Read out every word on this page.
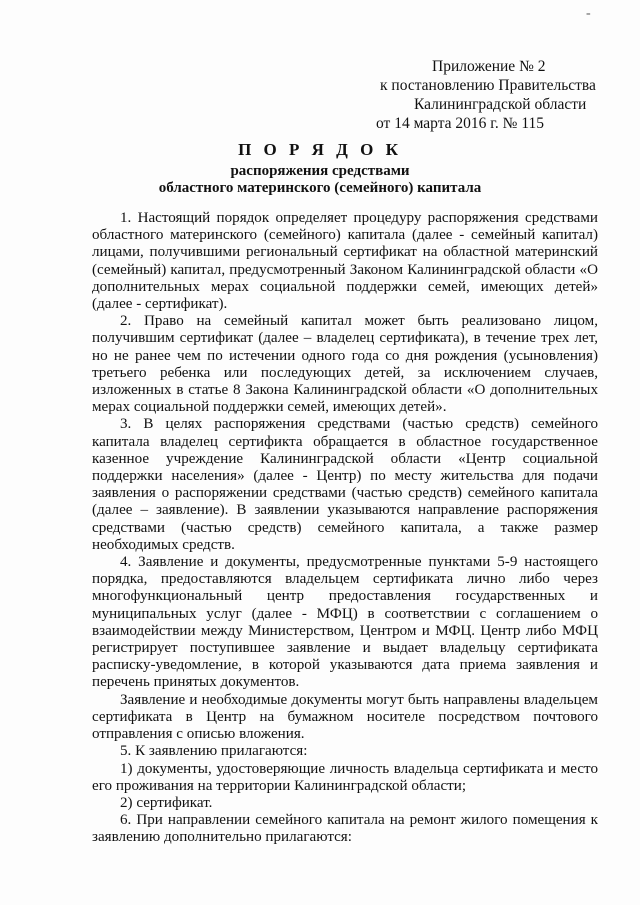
-
Приложение № 2
к постановлению Правительства
Калининградской области
от 14 марта 2016 г. № 115
П О Р Я Д О К
распоряжения средствами
областного материнского (семейного) капитала

1. Настоящий порядок определяет процедуру распоряжения средствами областного материнского (семейного) капитала (далее - семейный капитал) лицами, получившими региональный сертификат на областной материнский (семейный) капитал, предусмотренный Законом Калининградской области «О дополнительных мерах социальной поддержки семей, имеющих детей» (далее - сертификат).

2. Право на семейный капитал может быть реализовано лицом, получившим сертификат (далее – владелец сертификата), в течение трех лет, но не ранее чем по истечении одного года со дня рождения (усыновления) третьего ребенка или последующих детей, за исключением случаев, изложенных в статье 8 Закона Калининградской области «О дополнительных мерах социальной поддержки семей, имеющих детей».

3. В целях распоряжения средствами (частью средств) семейного капитала владелец сертификта обращается в областное государственное казенное учреждение Калининградской области «Центр социальной поддержки населения» (далее - Центр) по месту жительства для подачи заявления о распоряжении средствами (частью средств) семейного капитала (далее – заявление). В заявлении указываются направление распоряжения средствами (частью средств) семейного капитала, а также размер необходимых средств.

4. Заявление и документы, предусмотренные пунктами 5-9 настоящего порядка, предоставляются владельцем сертификата лично либо через многофункциональный центр предоставления государственных и муниципальных услуг (далее - МФЦ) в соответствии с соглашением о взаимодействии между Министерством, Центром и МФЦ. Центр либо МФЦ регистрирует поступившее заявление и выдает владельцу сертификата расписку-уведомление, в которой указываются дата приема заявления и перечень принятых документов.

Заявление и необходимые документы могут быть направлены владельцем сертификата в Центр на бумажном носителе посредством почтового отправления с описью вложения.

5. К заявлению прилагаются:

1) документы, удостоверяющие личность владельца сертификата и место его проживания на территории Калининградской области;

2) сертификат.

6. При направлении семейного капитала на ремонт жилого помещения к заявлению дополнительно прилагаются:
